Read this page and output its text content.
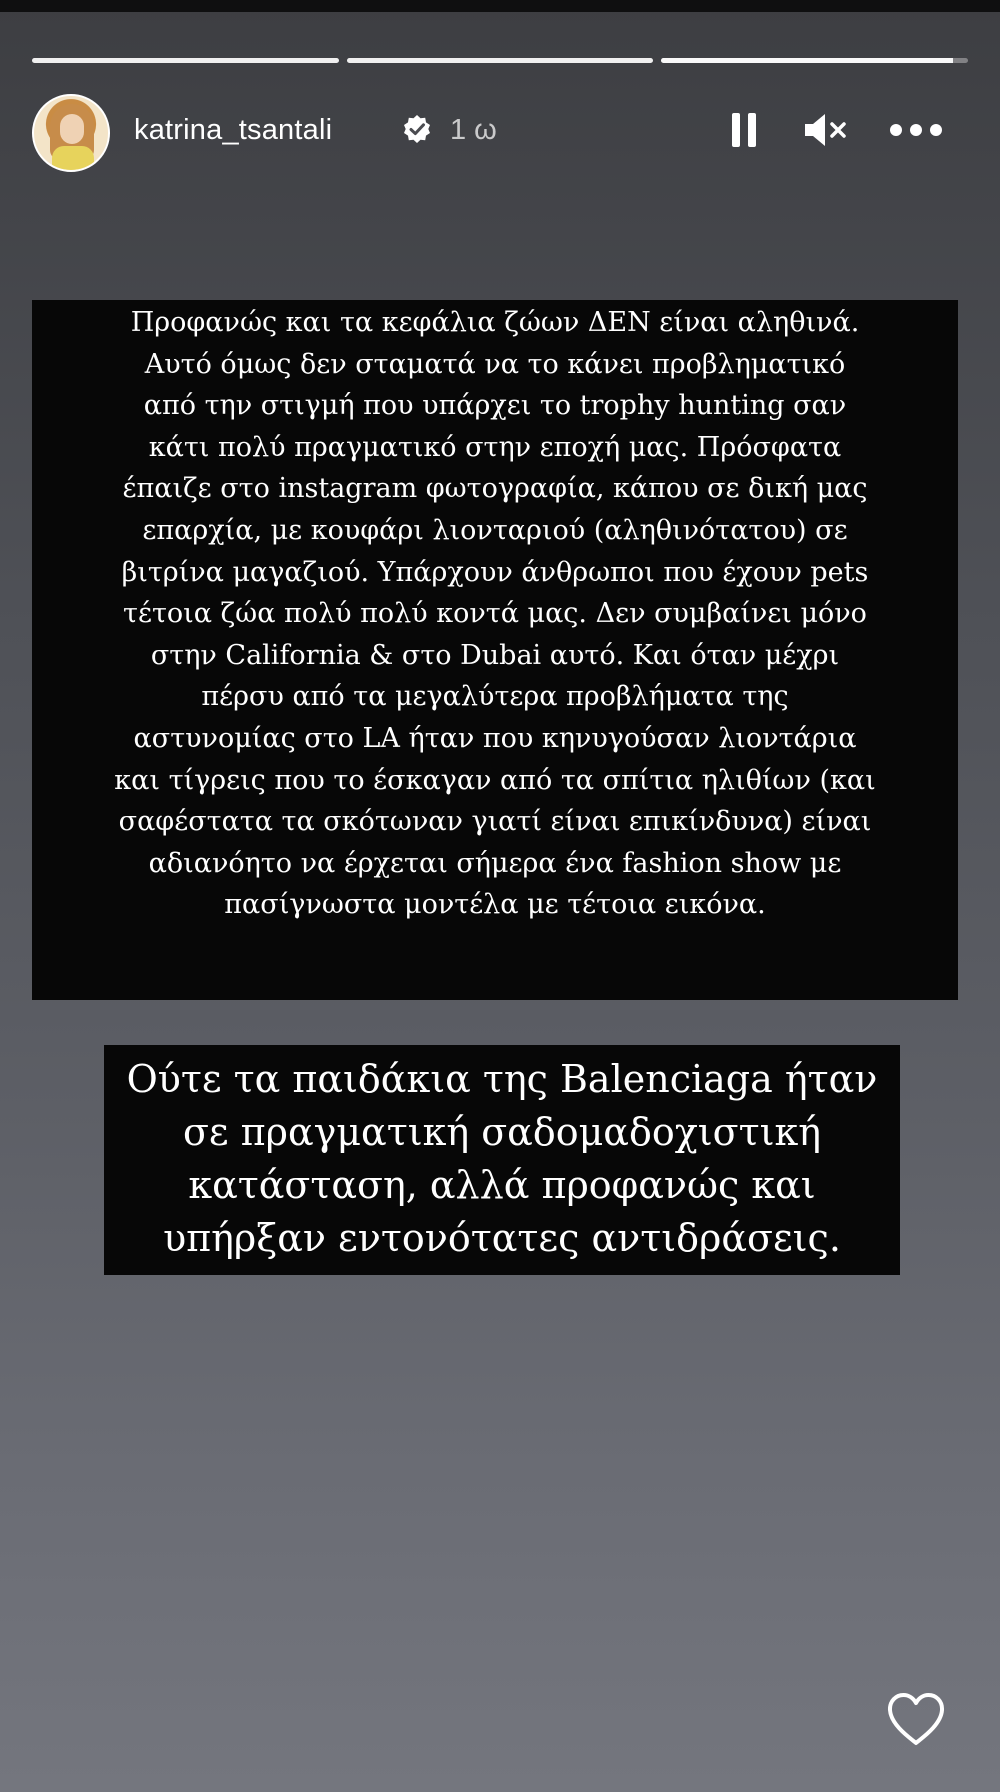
katrina_tsantali	1 ω
Προφανώς και τα κεφάλια ζώων ΔΕΝ είναι αληθινά.
Αυτό όμως δεν σταματά να το κάνει προβληματικό
από την στιγμή που υπάρχει το trophy hunting σαν
κάτι πολύ πραγματικό στην εποχή μας. Πρόσφατα
έπαιζε στο instagram φωτογραφία, κάπου σε δική μας
επαρχία, με κουφάρι λιονταριού (αληθινότατου) σε
βιτρίνα μαγαζιού. Υπάρχουν άνθρωποι που έχουν pets
τέτοια ζώα πολύ πολύ κοντά μας. Δεν συμβαίνει μόνο
στην California & στο Dubai αυτό. Και όταν μέχρι
πέρσυ από τα μεγαλύτερα προβλήματα της
αστυνομίας στο LA ήταν που κηνυγούσαν λιοντάρια
και τίγρεις που το έσκαγαν από τα σπίτια ηλιθίων (και
σαφέστατα τα σκότωναν γιατί είναι επικίνδυνα) είναι
αδιανόητο να έρχεται σήμερα ένα fashion show με
πασίγνωστα μοντέλα με τέτοια εικόνα.
Ούτε τα παιδάκια της Balenciaga ήταν
σε πραγματική σαδομαδοχιστική
κατάσταση, αλλά προφανώς και
υπήρξαν εντονότατες αντιδράσεις.
